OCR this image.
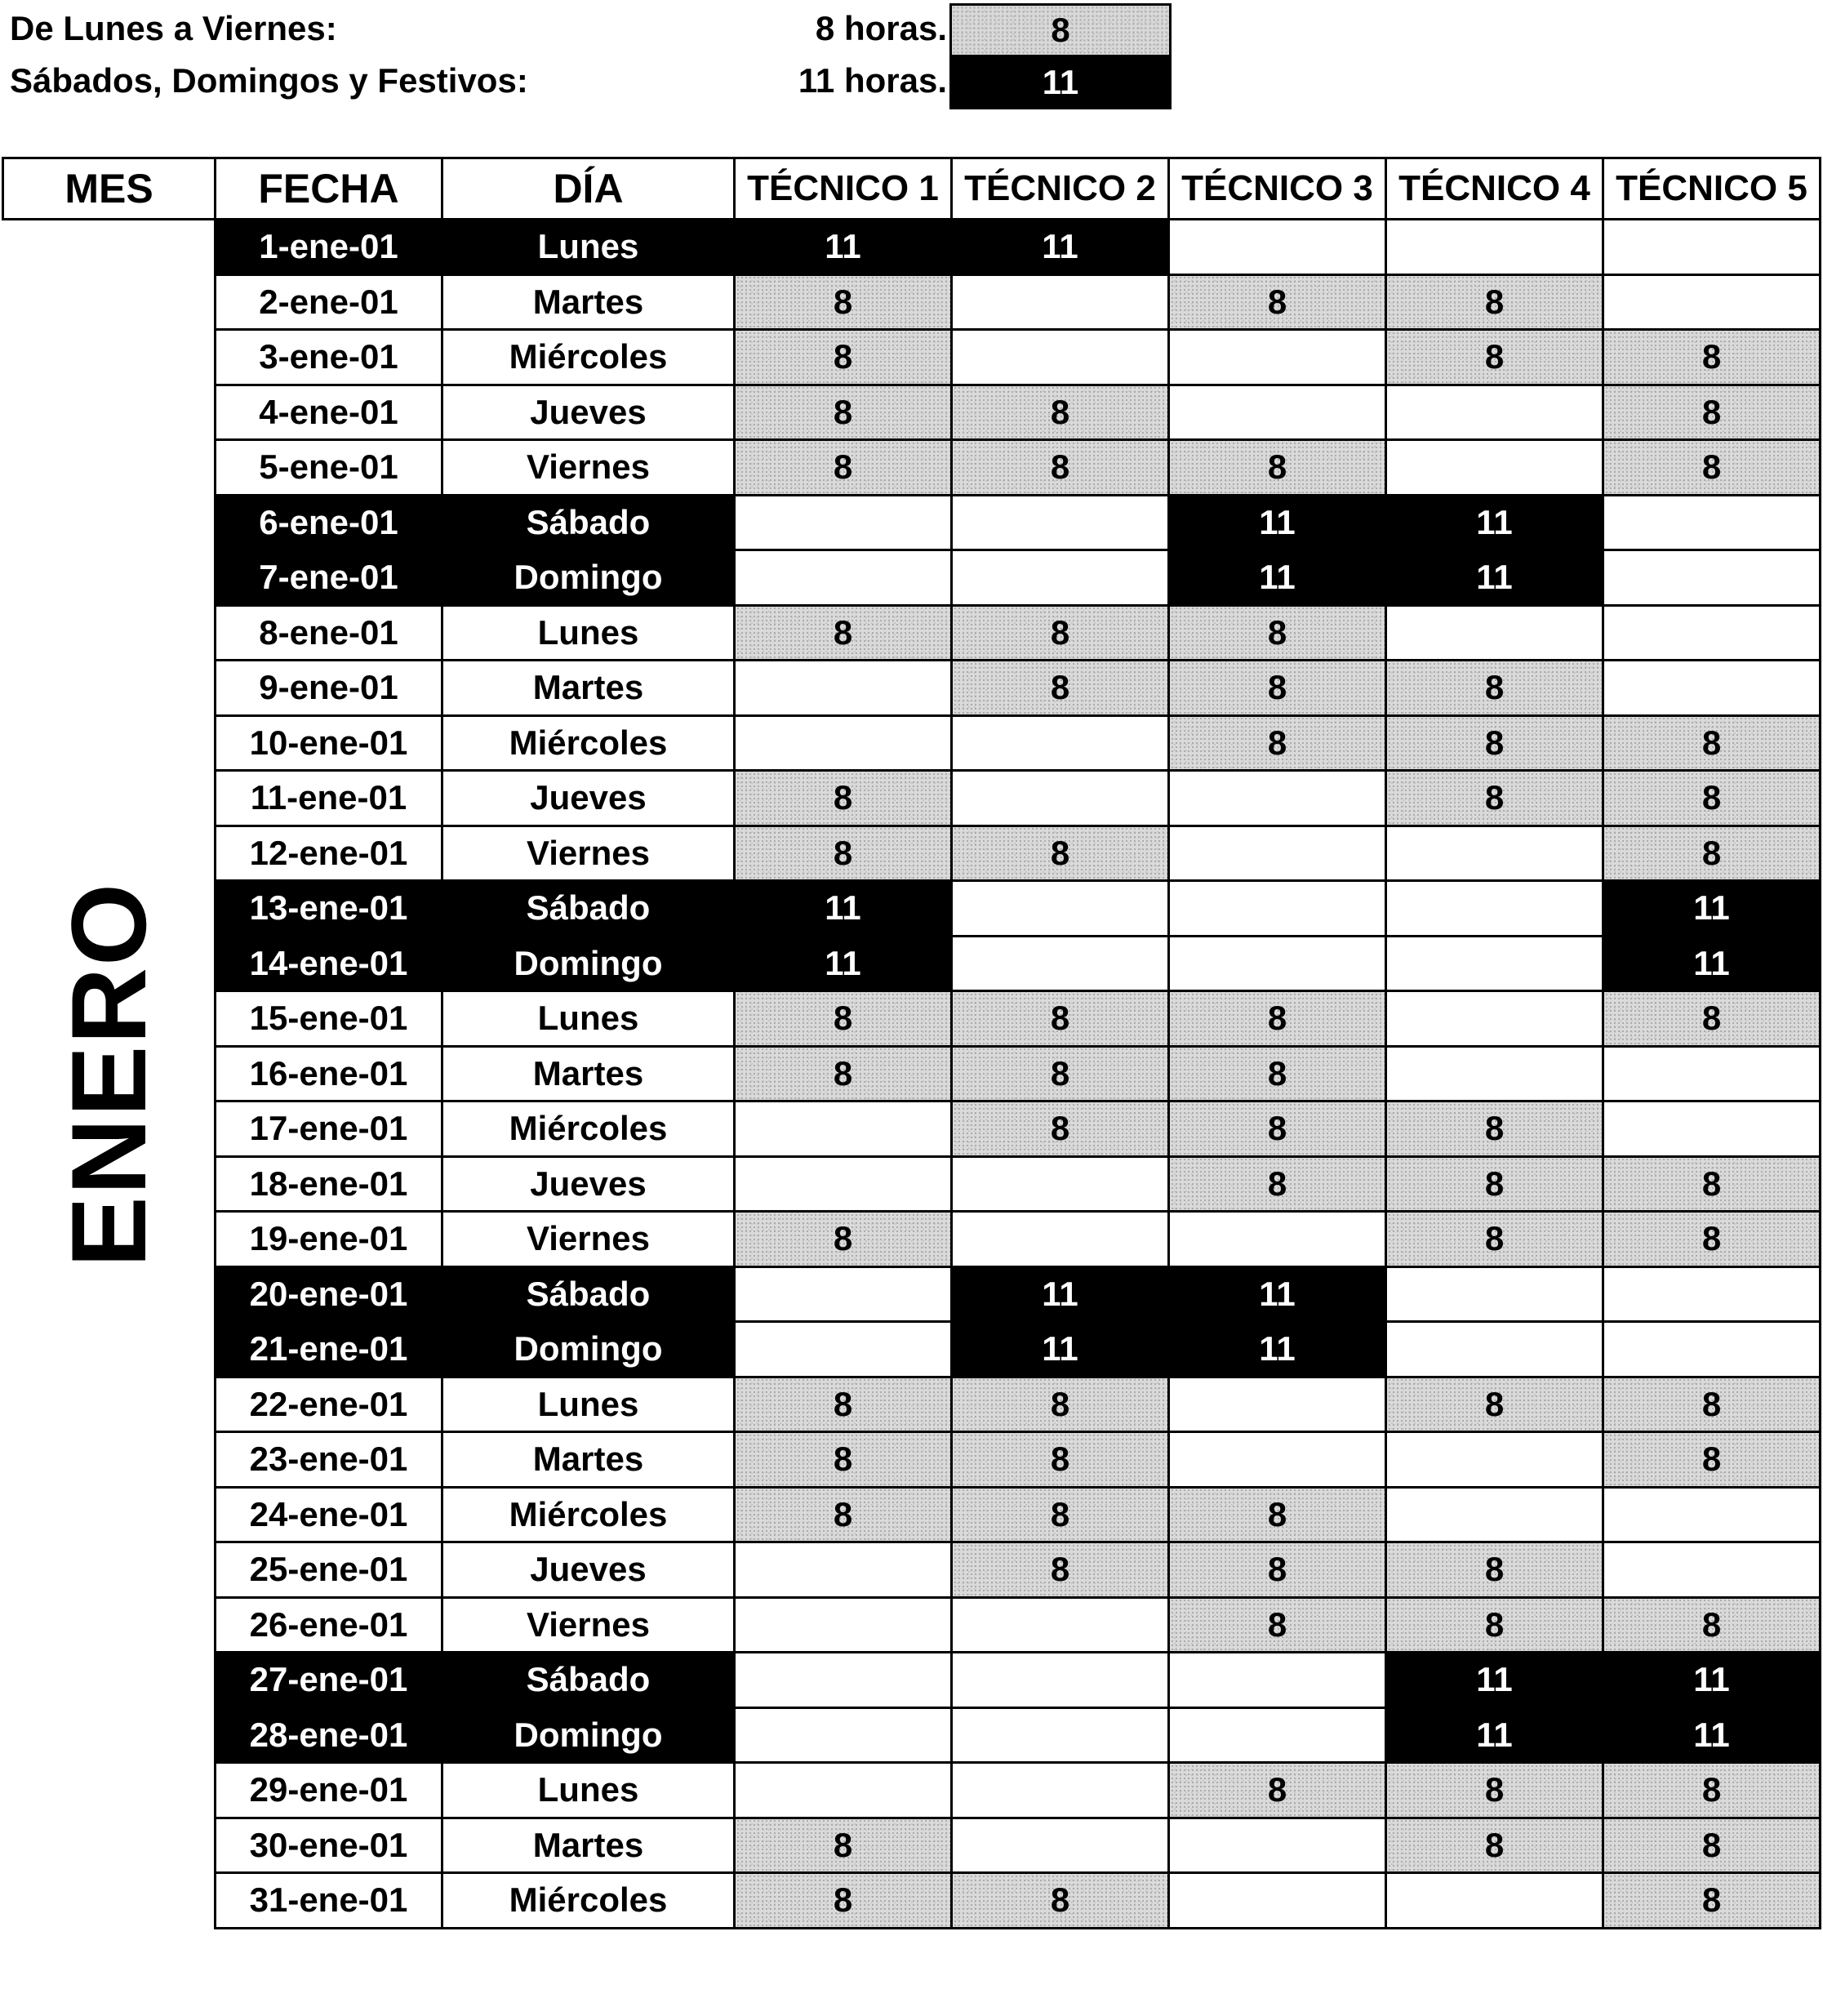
De Lunes a Viernes:	8 horas.	8
Sábados, Domingos y Festivos:	11 horas.	11
MES	FECHA	DÍA	TÉCNICO 1	TÉCNICO 2	TÉCNICO 3	TÉCNICO 4	TÉCNICO 5

ENERO	1-ene-01	Lunes	11	11			
	2-ene-01	Martes	8		8	8	
	3-ene-01	Miércoles	8			8	8
	4-ene-01	Jueves	8	8			8
	5-ene-01	Viernes	8	8	8		8
	6-ene-01	Sábado			11	11	
	7-ene-01	Domingo			11	11	
	8-ene-01	Lunes	8	8	8		
	9-ene-01	Martes		8	8	8	
	10-ene-01	Miércoles			8	8	8
	11-ene-01	Jueves	8			8	8
	12-ene-01	Viernes	8	8			8
	13-ene-01	Sábado	11				11
	14-ene-01	Domingo	11				11
	15-ene-01	Lunes	8	8	8		8
	16-ene-01	Martes	8	8	8		
	17-ene-01	Miércoles		8	8	8	
	18-ene-01	Jueves			8	8	8
	19-ene-01	Viernes	8			8	8
	20-ene-01	Sábado		11	11		
	21-ene-01	Domingo		11	11		
	22-ene-01	Lunes	8	8		8	8
	23-ene-01	Martes	8	8			8
	24-ene-01	Miércoles	8	8	8		
	25-ene-01	Jueves		8	8	8	
	26-ene-01	Viernes			8	8	8
	27-ene-01	Sábado				11	11
	28-ene-01	Domingo				11	11
	29-ene-01	Lunes			8	8	8
	30-ene-01	Martes	8			8	8
	31-ene-01	Miércoles	8	8			8
